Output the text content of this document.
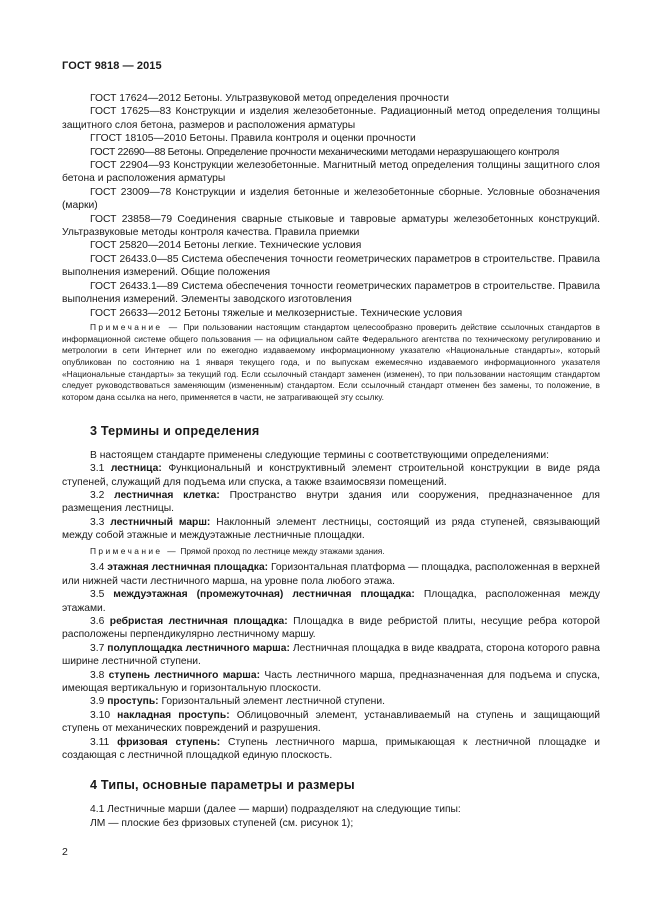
ГОСТ 9818 — 2015

ГОСТ 17624—2012 Бетоны. Ультразвуковой метод определения прочности

ГОСТ 17625—83 Конструкции и изделия железобетонные. Радиационный метод определения толщины защитного слоя бетона, размеров и расположения арматуры

ГГОСТ 18105—2010 Бетоны. Правила контроля и оценки прочности

ГОСТ 22690—88 Бетоны. Определение прочности механическими методами неразрушающего контроля

ГОСТ 22904—93 Конструкции железобетонные. Магнитный метод определения толщины защитного слоя бетона и расположения арматуры

ГОСТ 23009—78 Конструкции и изделия бетонные и железобетонные сборные. Условные обозначения (марки)

ГОСТ 23858—79 Соединения сварные стыковые и тавровые арматуры железобетонных конструкций. Ультразвуковые методы контроля качества. Правила приемки

ГОСТ 25820—2014 Бетоны легкие. Технические условия

ГОСТ 26433.0—85 Система обеспечения точности геометрических параметров в строительстве. Правила выполнения измерений. Общие положения

ГОСТ 26433.1—89 Система обеспечения точности геометрических параметров в строительстве. Правила выполнения измерений. Элементы заводского изготовления

ГОСТ 26633—2012 Бетоны тяжелые и мелкозернистые. Технические условия

Примечание — При пользовании настоящим стандартом целесообразно проверить действие ссылочных стандартов в информационной системе общего пользования — на официальном сайте Федерального агентства по техническому регулированию и метрологии в сети Интернет или по ежегодно издаваемому информационному указателю «Национальные стандарты», который опубликован по состоянию на 1 января текущего года, и по выпускам ежемесячно издаваемого информационного указателя «Национальные стандарты» за текущий год. Если ссылочный стандарт заменен (изменен), то при пользовании настоящим стандартом следует руководствоваться заменяющим (измененным) стандартом. Если ссылочный стандарт отменен без замены, то положение, в котором дана ссылка на него, применяется в части, не затрагивающей эту ссылку.

3 Термины и определения

В настоящем стандарте применены следующие термины с соответствующими определениями:

3.1 лестница: Функциональный и конструктивный элемент строительной конструкции в виде ряда ступеней, служащий для подъема или спуска, а также взаимосвязи помещений.

3.2 лестничная клетка: Пространство внутри здания или сооружения, предназначенное для размещения лестницы.

3.3 лестничный марш: Наклонный элемент лестницы, состоящий из ряда ступеней, связывающий между собой этажные и междуэтажные лестничные площадки.

Примечание — Прямой проход по лестнице между этажами здания.

3.4 этажная лестничная площадка: Горизонтальная платформа — площадка, расположенная в верхней или нижней части лестничного марша, на уровне пола любого этажа.

3.5 междуэтажная (промежуточная) лестничная площадка: Площадка, расположенная между этажами.

3.6 ребристая лестничная площадка: Площадка в виде ребристой плиты, несущие ребра которой расположены перпендикулярно лестничному маршу.

3.7 полуплощадка лестничного марша: Лестничная площадка в виде квадрата, сторона которого равна ширине лестничной ступени.

3.8 ступень лестничного марша: Часть лестничного марша, предназначенная для подъема и спуска, имеющая вертикальную и горизонтальную плоскости.

3.9 проступь: Горизонтальный элемент лестничной ступени.

3.10 накладная проступь: Облицовочный элемент, устанавливаемый на ступень и защищающий ступень от механических повреждений и разрушения.

3.11 фризовая ступень: Ступень лестничного марша, примыкающая к лестничной площадке и создающая с лестничной площадкой единую плоскость.

4 Типы, основные параметры и размеры

4.1 Лестничные марши (далее — марши) подразделяют на следующие типы:

ЛМ — плоские без фризовых ступеней (см. рисунок 1);

2
